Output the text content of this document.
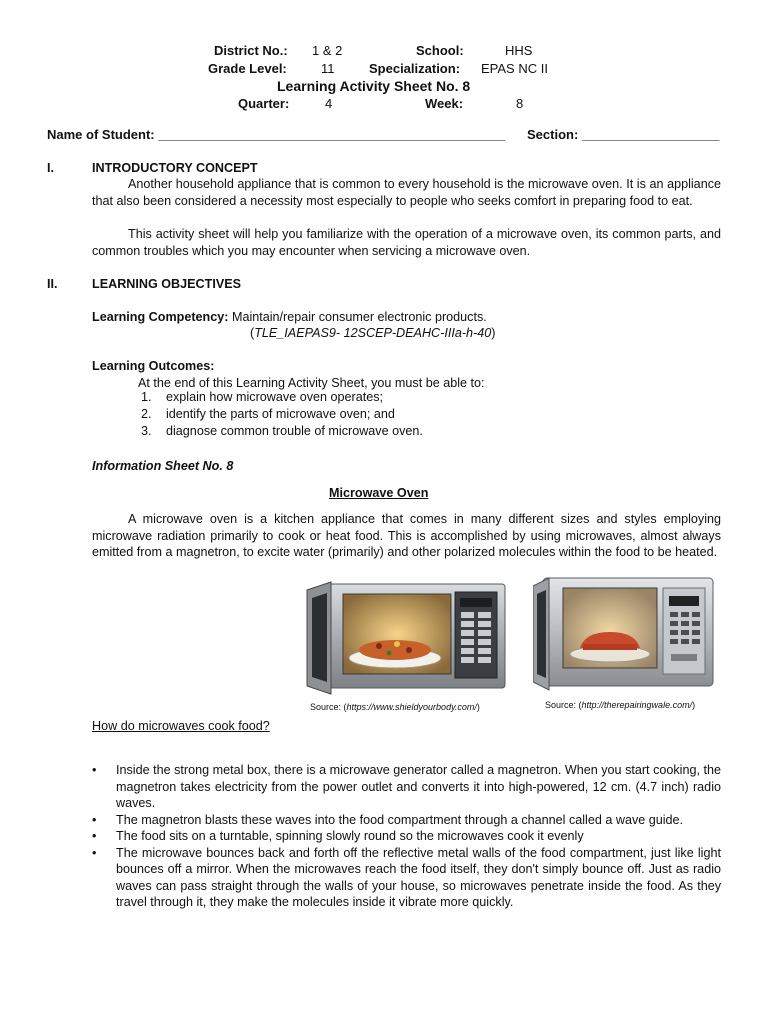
District No.: 1 & 2	School:	HHS
Grade Level:	11	Specialization: EPAS NC II
Learning Activity Sheet No. 8
Quarter:	4	Week:	8
Name of Student: ________________________________________________ Section: ___________________
I.	INTRODUCTORY CONCEPT
Another household appliance that is common to every household is the microwave oven. It is an appliance that also been considered a necessity most especially to people who seeks comfort in preparing food to eat.
This activity sheet will help you familiarize with the operation of a microwave oven, its common parts, and common troubles which you may encounter when servicing a microwave oven.
II.	LEARNING OBJECTIVES
Learning Competency: Maintain/repair consumer electronic products.
(TLE_IAEPAS9- 12SCEP-DEAHC-IIIa-h-40)
Learning Outcomes:
At the end of this Learning Activity Sheet, you must be able to:
1. explain how microwave oven operates;
2. identify the parts of microwave oven; and
3. diagnose common trouble of microwave oven.
Information Sheet No. 8
Microwave Oven
A microwave oven is a kitchen appliance that comes in many different sizes and styles employing microwave radiation primarily to cook or heat food. This is accomplished by using microwaves, almost always emitted from a magnetron, to excite water (primarily) and other polarized molecules within the food to be heated.
Source: (https://www.shieldyourbody.com/)	Source: (http://therepairingwale.com/)
How do microwaves cook food?
• Inside the strong metal box, there is a microwave generator called a magnetron. When you start cooking, the magnetron takes electricity from the power outlet and converts it into high-powered, 12 cm. (4.7 inch) radio waves.
• The magnetron blasts these waves into the food compartment through a channel called a wave guide.
• The food sits on a turntable, spinning slowly round so the microwaves cook it evenly
• The microwave bounces back and forth off the reflective metal walls of the food compartment, just like light bounces off a mirror. When the microwaves reach the food itself, they don't simply bounce off. Just as radio waves can pass straight through the walls of your house, so microwaves penetrate inside the food. As they travel through it, they make the molecules inside it vibrate more quickly.
